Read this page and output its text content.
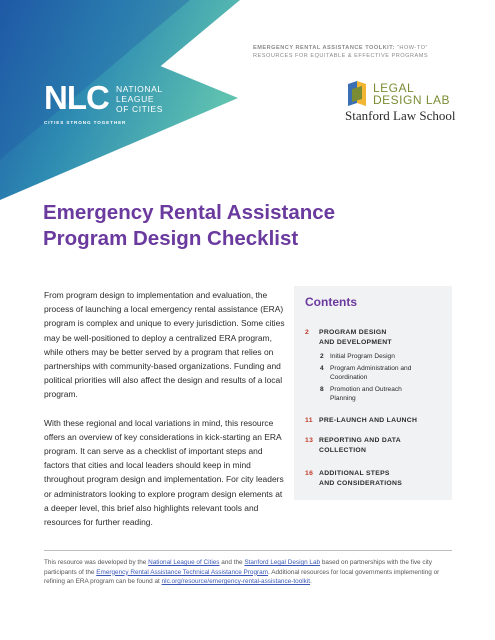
NLC NATIONAL
LEAGUE
OF CITIES
CITIES STRONG TOGETHER
EMERGENCY RENTAL ASSISTANCE TOOLKIT: “HOW-TO”
RESOURCES FOR EQUITABLE & EFFECTIVE PROGRAMS
LEGAL
DESIGN LAB
Stanford Law School
Emergency Rental Assistance
Program Design Checklist

From program design to implementation and evaluation, the process of launching a local emergency rental assistance (ERA) program is complex and unique to every jurisdiction. Some cities may be well-positioned to deploy a centralized ERA program, while others may be better served by a program that relies on partnerships with community-based organizations. Funding and political priorities will also affect the design and results of a local program.

With these regional and local variations in mind, this resource offers an overview of key considerations in kick-starting an ERA program. It can serve as a checklist of important steps and factors that cities and local leaders should keep in mind throughout program design and implementation. For city leaders or administrators looking to explore program design elements at a deeper level, this brief also highlights relevant tools and resources for further reading.

Contents
2 PROGRAM DESIGN
AND DEVELOPMENT
2 Initial Program Design
4 Program Administration and
Coordination
8 Promotion and Outreach
Planning
11 PRE-LAUNCH AND LAUNCH
13 REPORTING AND DATA
COLLECTION
16 ADDITIONAL STEPS
AND CONSIDERATIONS
This resource was developed by the National League of Cities and the Stanford Legal Design Lab based on partnerships with the five city participants of the Emergency Rental Assistance Technical Assistance Program. Additional resources for local governments implementing or refining an ERA program can be found at nlc.org/resource/emergency-rental-assistance-toolkit.
